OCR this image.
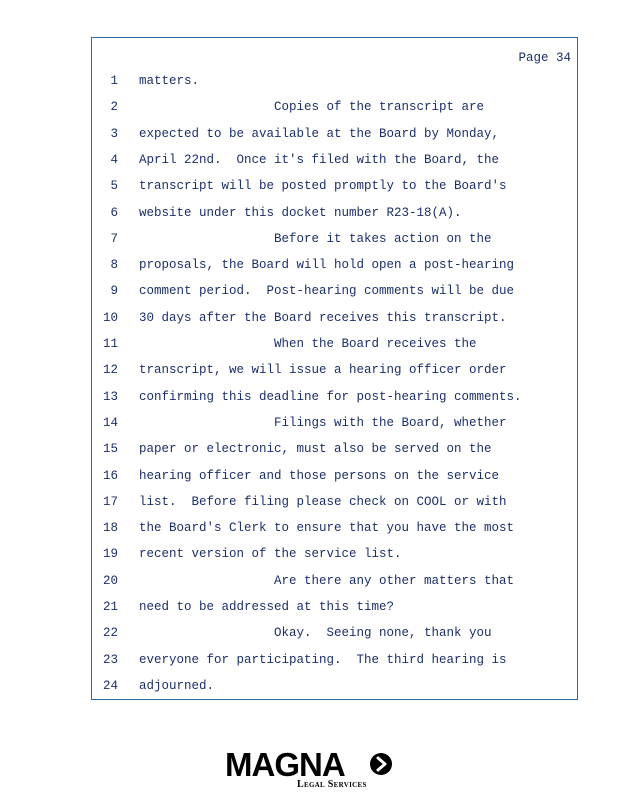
Page 34
1 matters.
2	Copies of the transcript are
3 expected to be available at the Board by Monday,
4 April 22nd.  Once it's filed with the Board, the
5 transcript will be posted promptly to the Board's
6 website under this docket number R23-18(A).
7	Before it takes action on the
8 proposals, the Board will hold open a post-hearing
9 comment period.  Post-hearing comments will be due
10 30 days after the Board receives this transcript.
11	When the Board receives the
12 transcript, we will issue a hearing officer order
13 confirming this deadline for post-hearing comments.
14	Filings with the Board, whether
15 paper or electronic, must also be served on the
16 hearing officer and those persons on the service
17 list.  Before filing please check on COOL or with
18 the Board's Clerk to ensure that you have the most
19 recent version of the service list.
20	Are there any other matters that
21 need to be addressed at this time?
22	Okay.  Seeing none, thank you
23 everyone for participating.  The third hearing is
24 adjourned.
MAGNA
Legal Services
